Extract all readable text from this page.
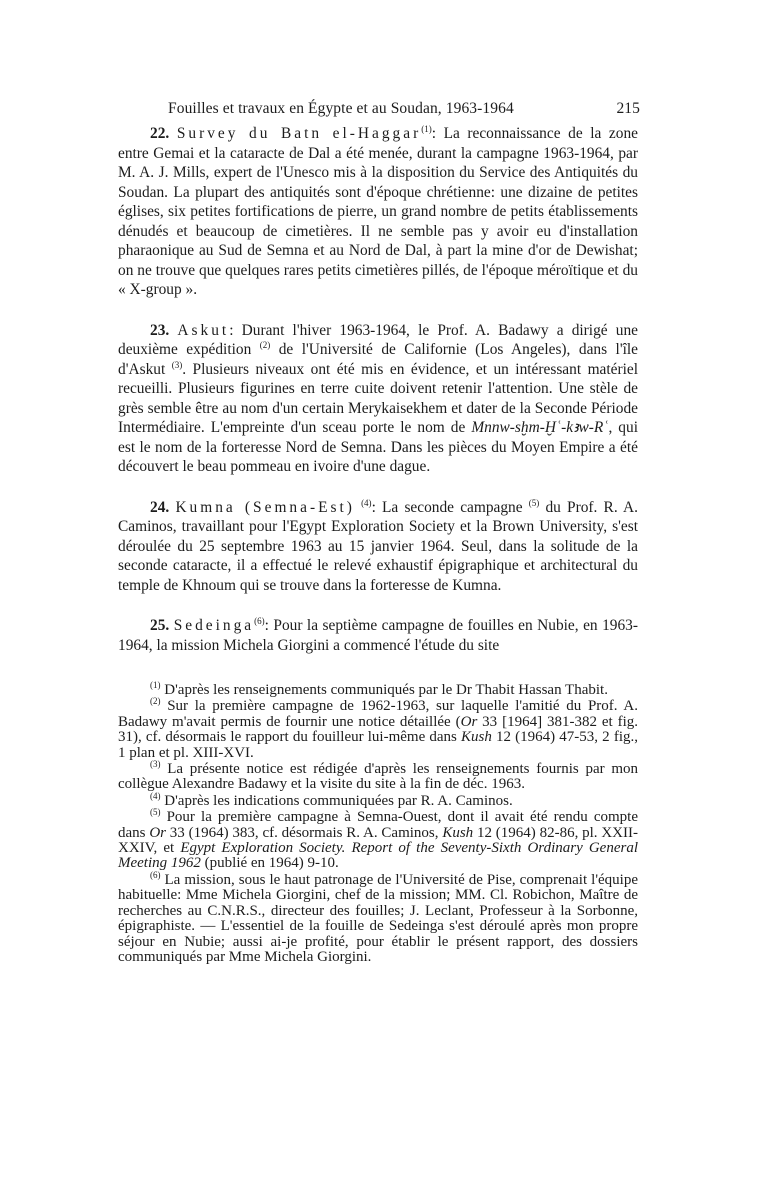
Fouilles et travaux en Égypte et au Soudan, 1963-1964	215

22. Survey du Batn el-Haggar$^{(1)}$: La reconnaissance de la zone entre Gemai et la cataracte de Dal a été menée, durant la campagne 1963-1964, par M. A. J. Mills, expert de l'Unesco mis à la disposition du Service des Antiquités du Soudan. La plupart des antiquités sont d'époque chrétienne: une dizaine de petites églises, six petites fortifications de pierre, un grand nombre de petits établissements dénudés et beaucoup de cimetières. Il ne semble pas y avoir eu d'installation pharaonique au Sud de Semna et au Nord de Dal, à part la mine d'or de Dewishat; on ne trouve que quelques rares petits cimetières pillés, de l'époque méroïtique et du « X-group ».

23. Askut: Durant l'hiver 1963-1964, le Prof. A. Badawy a dirigé une deuxième expédition $^{(2)}$ de l'Université de Californie (Los Angeles), dans l'île d'Askut $^{(3)}$. Plusieurs niveaux ont été mis en évidence, et un intéressant matériel recueilli. Plusieurs figurines en terre cuite doivent retenir l'attention. Une stèle de grès semble être au nom d'un certain Merykaisekhem et dater de la Seconde Période Intermédiaire. L'empreinte d'un sceau porte le nom de Mnnw-sḫm-Ḫʿ-kꜣw-Rʿ, qui est le nom de la forteresse Nord de Semna. Dans les pièces du Moyen Empire a été découvert le beau pommeau en ivoire d'une dague.

24. Kumna (Semna-Est) $^{(4)}$: La seconde campagne $^{(5)}$ du Prof. R. A. Caminos, travaillant pour l'Egypt Exploration Society et la Brown University, s'est déroulée du 25 septembre 1963 au 15 janvier 1964. Seul, dans la solitude de la seconde cataracte, il a effectué le relevé exhaustif épigraphique et architectural du temple de Khnoum qui se trouve dans la forteresse de Kumna.

25. Sedeinga$^{(6)}$: Pour la septième campagne de fouilles en Nubie, en 1963-1964, la mission Michela Giorgini a commencé l'étude du site

$^{(1)}$ D'après les renseignements communiqués par le Dr Thabit Hassan Thabit.

$^{(2)}$ Sur la première campagne de 1962-1963, sur laquelle l'amitié du Prof. A. Badawy m'avait permis de fournir une notice détaillée (Or 33 [1964] 381-382 et fig. 31), cf. désormais le rapport du fouilleur lui-même dans Kush 12 (1964) 47-53, 2 fig., 1 plan et pl. XIII-XVI.

$^{(3)}$ La présente notice est rédigée d'après les renseignements fournis par mon collègue Alexandre Badawy et la visite du site à la fin de déc. 1963.

$^{(4)}$ D'après les indications communiquées par R. A. Caminos.

$^{(5)}$ Pour la première campagne à Semna-Ouest, dont il avait été rendu compte dans Or 33 (1964) 383, cf. désormais R. A. Caminos, Kush 12 (1964) 82-86, pl. XXII-XXIV, et Egypt Exploration Society. Report of the Seventy-Sixth Ordinary General Meeting 1962 (publié en 1964) 9-10.

$^{(6)}$ La mission, sous le haut patronage de l'Université de Pise, comprenait l'équipe habituelle: Mme Michela Giorgini, chef de la mission; MM. Cl. Robichon, Maître de recherches au C.N.R.S., directeur des fouilles; J. Leclant, Professeur à la Sorbonne, épigraphiste. — L'essentiel de la fouille de Sedeinga s'est déroulé après mon propre séjour en Nubie; aussi ai-je profité, pour établir le présent rapport, des dossiers communiqués par Mme Michela Giorgini.
